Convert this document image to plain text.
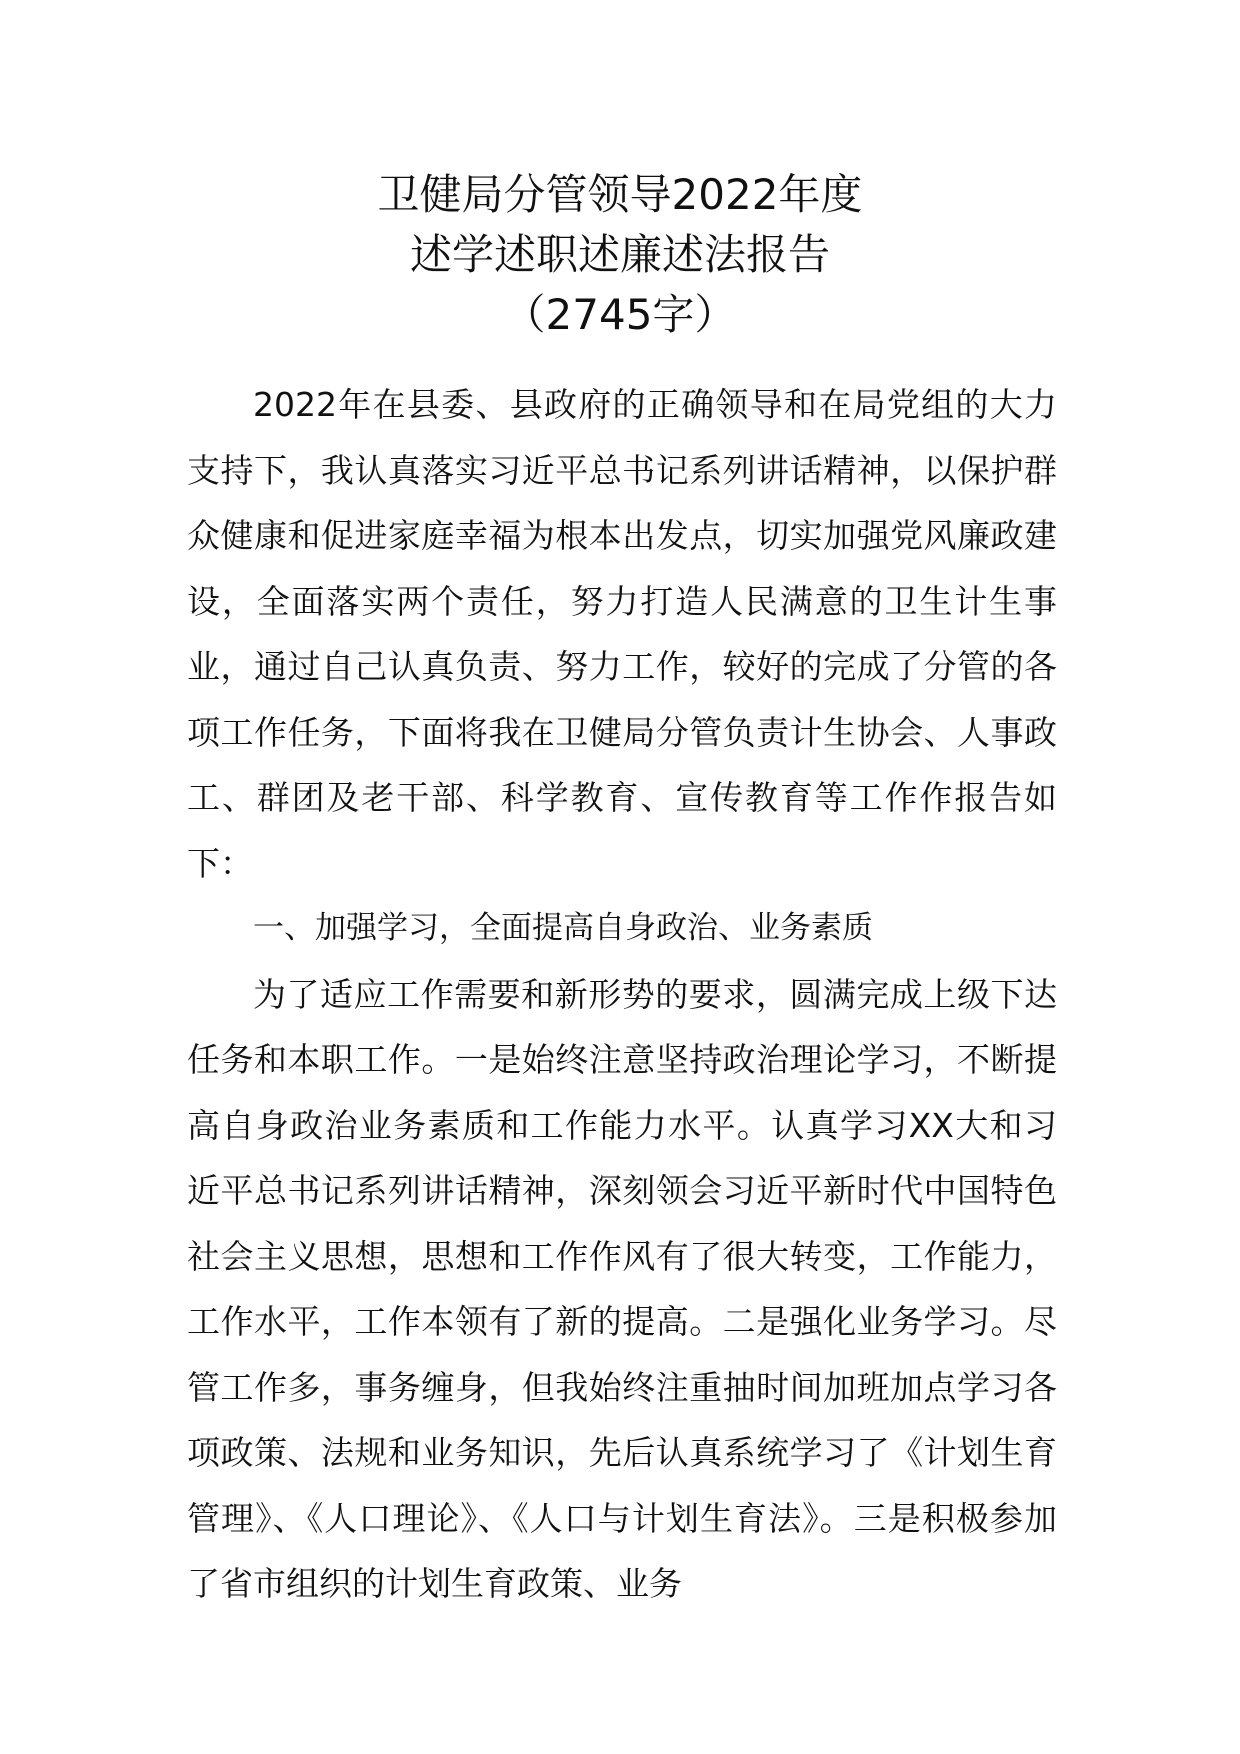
卫健局分管领导2022年度
述学述职述廉述法报告
（2745字）

2022年在县委、县政府的正确领导和在局党组的大力支持下，我认真落实习近平总书记系列讲话精神，以保护群众健康和促进家庭幸福为根本出发点，切实加强党风廉政建设，全面落实两个责任，努力打造人民满意的卫生计生事业，通过自己认真负责、努力工作，较好的完成了分管的各项工作任务，下面将我在卫健局分管负责计生协会、人事政工、群团及老干部、科学教育、宣传教育等工作作报告如下：

一、加强学习，全面提高自身政治、业务素质

为了适应工作需要和新形势的要求，圆满完成上级下达任务和本职工作。一是始终注意坚持政治理论学习，不断提高自身政治业务素质和工作能力水平。认真学习XX大和习近平总书记系列讲话精神，深刻领会习近平新时代中国特色社会主义思想，思想和工作作风有了很大转变，工作能力，工作水平，工作本领有了新的提高。二是强化业务学习。尽管工作多，事务缠身，但我始终注重抽时间加班加点学习各项政策、法规和业务知识，先后认真系统学习了《计划生育管理》、《人口理论》、《人口与计划生育法》。三是积极参加了省市组织的计划生育政策、业务
